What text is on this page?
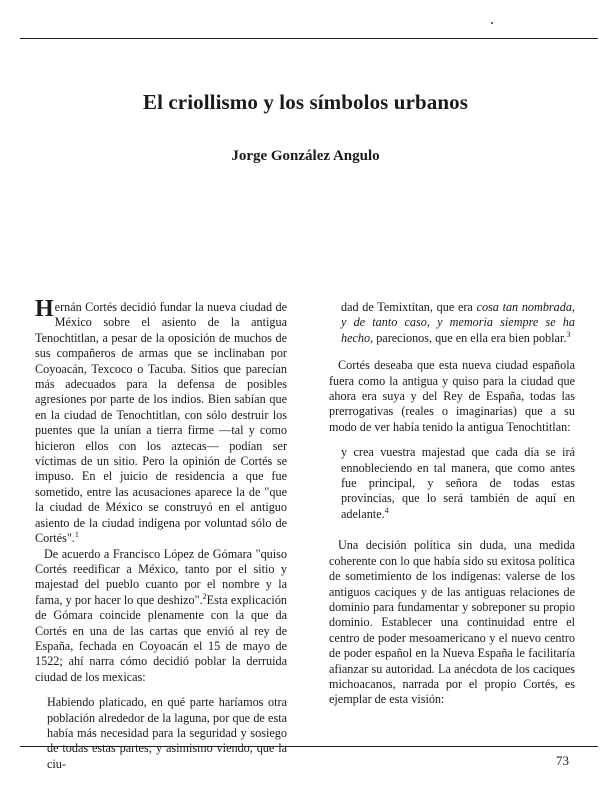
El criollismo y los símbolos urbanos
Jorge González Angulo

Hernán Cortés decidió fundar la nueva ciudad de México sobre el asiento de la antigua Tenochtitlan, a pesar de la oposición de muchos de sus compañeros de armas que se inclinaban por Coyoacán, Texcoco o Tacuba. Sitios que parecían más adecuados para la defensa de posibles agresiones por parte de los indios. Bien sabían que en la ciudad de Tenochtitlan, con sólo destruir los puentes que la unían a tierra firme —tal y como hicieron ellos con los aztecas— podían ser víctimas de un sitio. Pero la opinión de Cortés se impuso. En el juicio de residencia a que fue sometido, entre las acusaciones aparece la de "que la ciudad de México se construyó en el antiguo asiento de la ciudad indígena por voluntad sólo de Cortés".$^1$

De acuerdo a Francisco López de Gómara "quiso Cortés reedificar a México, tanto por el sitio y majestad del pueblo cuanto por el nombre y la fama, y por hacer lo que deshizo".$^2$Esta explicación de Gómara coincide plenamente con la que da Cortés en una de las cartas que envió al rey de España, fechada en Coyoacán el 15 de mayo de 1522; ahí narra cómo decidió poblar la derruida ciudad de los mexicas:

Habiendo platicado, en qué parte haríamos otra población alrededor de la laguna, por que de esta había más necesidad para la seguridad y sosiego de todas estas partes; y asimismo viendo, que la ciu-

dad de Temixtitan, que era cosa tan nombrada, y de tanto caso, y memoria siempre se ha hecho, parecionos, que en ella era bien poblar.$^3$

Cortés deseaba que esta nueva ciudad española fuera como la antigua y quiso para la ciudad que ahora era suya y del Rey de España, todas las prerrogativas (reales o imaginarias) que a su modo de ver había tenido la antigua Tenochtitlan:

y crea vuestra majestad que cada día se irá ennobleciendo en tal manera, que como antes fue principal, y señora de todas estas provincias, que lo será también de aquí en adelante.$^4$

Una decisión política sin duda, una medida coherente con lo que había sido su exitosa política de sometimiento de los indígenas: valerse de los antiguos caciques y de las antiguas relaciones de dominio para fundamentar y sobreponer su propio dominio. Establecer una continuidad entre el centro de poder mesoamericano y el nuevo centro de poder español en la Nueva España le facilitaría afianzar su autoridad. La anécdota de los caciques michoacanos, narrada por el propio Cortés, es ejemplar de esta visión:

73
